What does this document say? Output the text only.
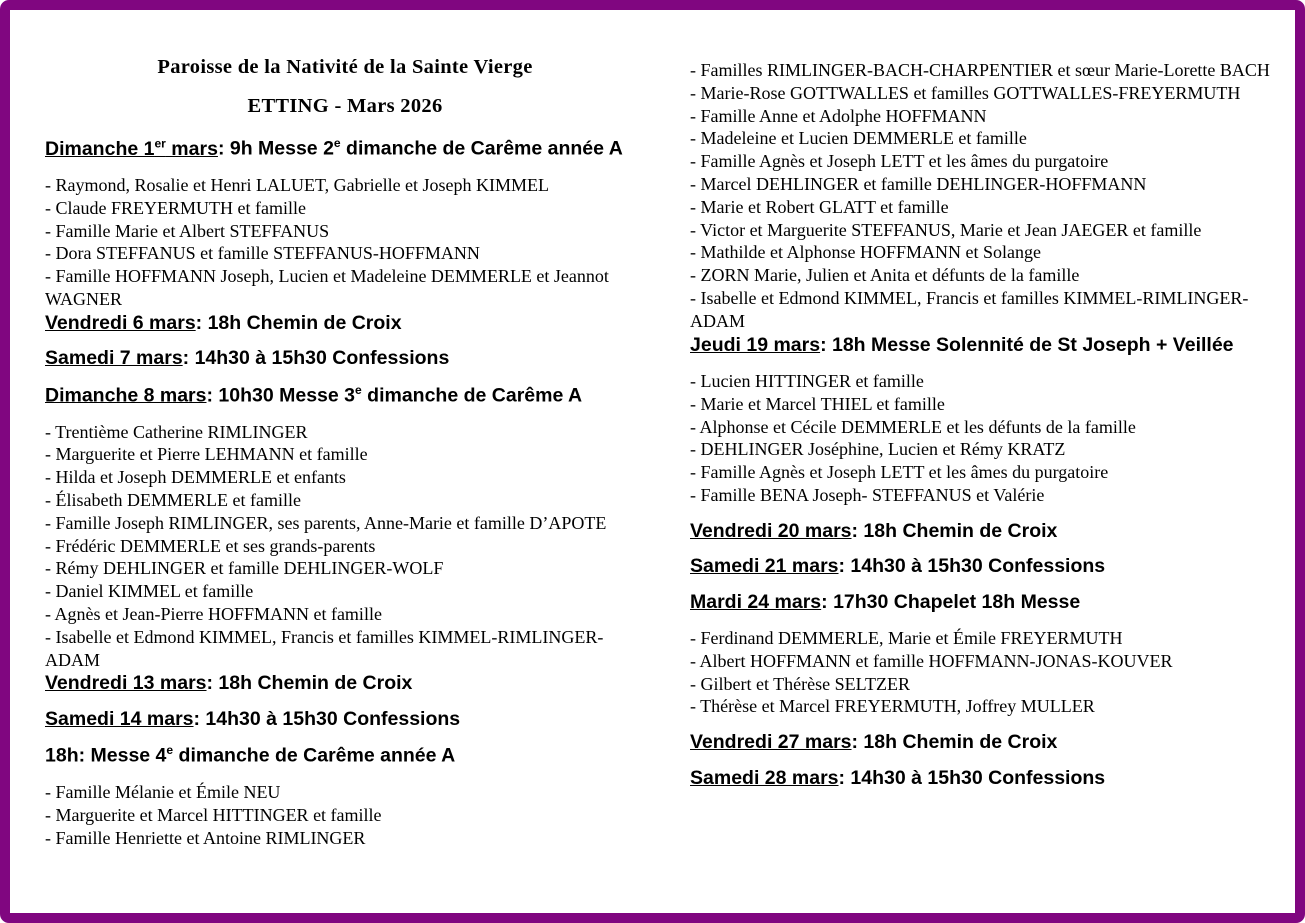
Paroisse de la Nativité de la Sainte Vierge
ETTING - Mars 2026
Dimanche 1er mars: 9h Messe 2e dimanche de Carême année A
- Raymond, Rosalie et Henri LALUET, Gabrielle et Joseph KIMMEL
- Claude FREYERMUTH et famille
- Famille Marie et Albert STEFFANUS
- Dora STEFFANUS et famille STEFFANUS-HOFFMANN
- Famille HOFFMANN Joseph, Lucien et Madeleine DEMMERLE et Jeannot WAGNER
Vendredi 6 mars: 18h Chemin de Croix
Samedi 7 mars: 14h30 à 15h30 Confessions
Dimanche 8 mars: 10h30 Messe 3e dimanche de Carême A
- Trentième Catherine RIMLINGER
- Marguerite et Pierre LEHMANN et famille
- Hilda et Joseph DEMMERLE et enfants
- Élisabeth DEMMERLE et famille
- Famille Joseph RIMLINGER, ses parents, Anne-Marie et famille D’APOTE
- Frédéric DEMMERLE et ses grands-parents
- Rémy DEHLINGER et famille DEHLINGER-WOLF
- Daniel KIMMEL et famille
- Agnès et Jean-Pierre HOFFMANN et famille
- Isabelle et Edmond KIMMEL, Francis et familles KIMMEL-RIMLINGER-ADAM
Vendredi 13 mars: 18h Chemin de Croix
Samedi 14 mars: 14h30 à 15h30 Confessions
18h: Messe 4e dimanche de Carême année A
- Famille Mélanie et Émile NEU
- Marguerite et Marcel HITTINGER et famille
- Famille Henriette et Antoine RIMLINGER
- Familles RIMLINGER-BACH-CHARPENTIER et sœur Marie-Lorette BACH
- Marie-Rose GOTTWALLES et familles GOTTWALLES-FREYERMUTH
- Famille Anne et Adolphe HOFFMANN
- Madeleine et Lucien DEMMERLE et famille
- Famille Agnès et Joseph LETT et les âmes du purgatoire
- Marcel DEHLINGER et famille DEHLINGER-HOFFMANN
- Marie et Robert GLATT et famille
- Victor et Marguerite STEFFANUS, Marie et Jean JAEGER et famille
- Mathilde et Alphonse HOFFMANN et Solange
- ZORN Marie, Julien et Anita et défunts de la famille
- Isabelle et Edmond KIMMEL, Francis et familles KIMMEL-RIMLINGER-ADAM
Jeudi 19 mars: 18h Messe Solennité de St Joseph + Veillée
- Lucien HITTINGER et famille
- Marie et Marcel THIEL et famille
- Alphonse et Cécile DEMMERLE et les défunts de la famille
- DEHLINGER Joséphine, Lucien et Rémy KRATZ
- Famille Agnès et Joseph LETT et les âmes du purgatoire
- Famille BENA Joseph- STEFFANUS et Valérie
Vendredi 20 mars: 18h Chemin de Croix
Samedi 21 mars: 14h30 à 15h30 Confessions
Mardi 24 mars: 17h30 Chapelet 18h Messe
- Ferdinand DEMMERLE, Marie et Émile FREYERMUTH
- Albert HOFFMANN et famille HOFFMANN-JONAS-KOUVER
- Gilbert et Thérèse SELTZER
- Thérèse et Marcel FREYERMUTH, Joffrey MULLER
Vendredi 27 mars: 18h Chemin de Croix
Samedi 28 mars: 14h30 à 15h30 Confessions
